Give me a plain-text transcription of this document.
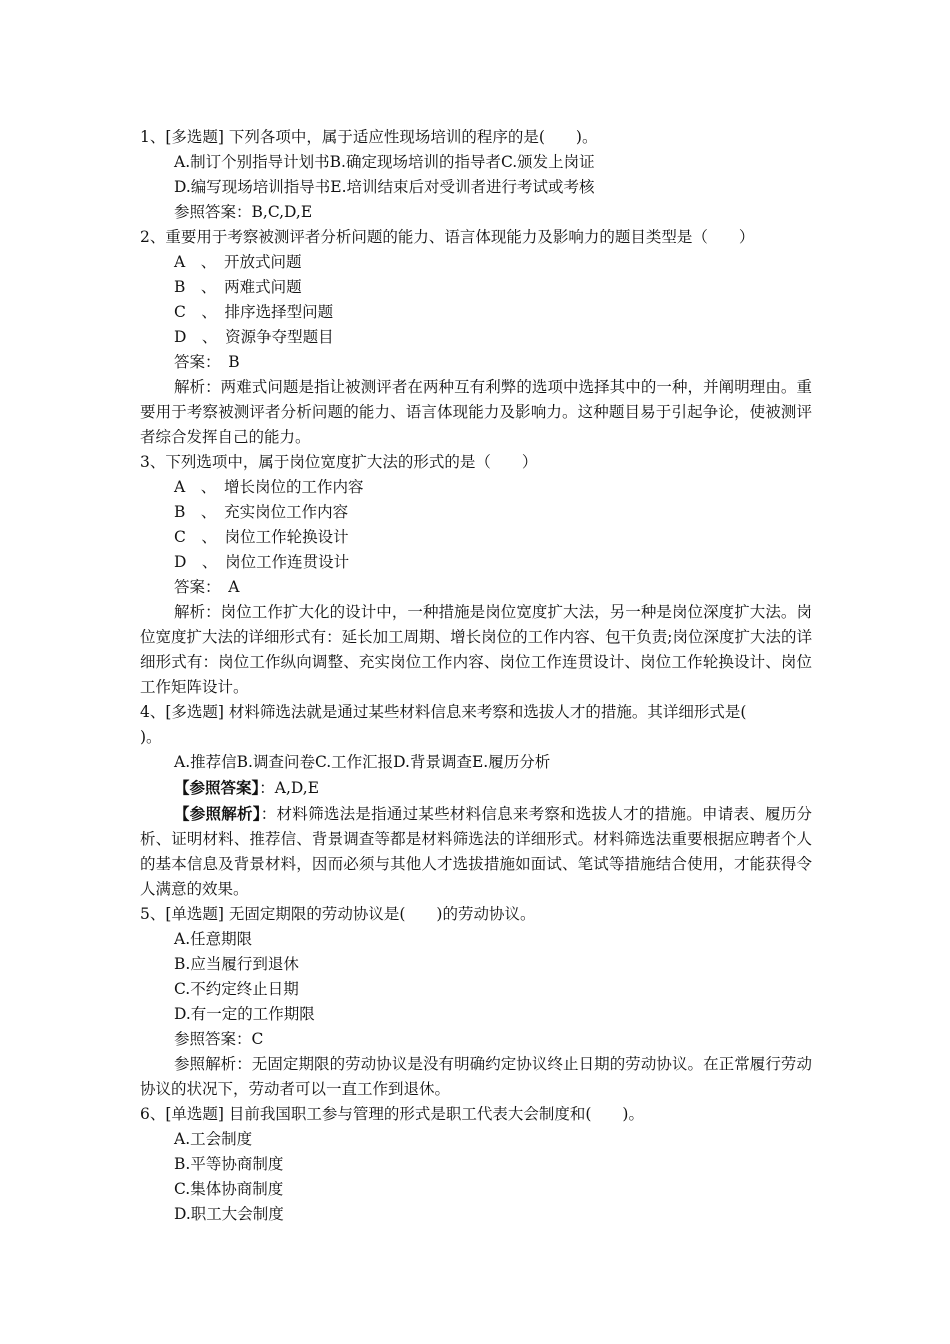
1、[多选题] 下列各项中，属于适应性现场培训的程序的是(　　)。

A.制订个别指导计划书B.确定现场培训的指导者C.颁发上岗证

D.编写现场培训指导书E.培训结束后对受训者进行考试或考核

参照答案：B,C,D,E

2、重要用于考察被测评者分析问题的能力、语言体现能力及影响力的题目类型是（　　）

A　、　开放式问题

B　、　两难式问题

C　、　排序选择型问题

D　、　资源争夺型题目

答案：　B

解析：两难式问题是指让被测评者在两种互有利弊的选项中选择其中的一种，并阐明理由。重要用于考察被测评者分析问题的能力、语言体现能力及影响力。这种题目易于引起争论，使被测评者综合发挥自己的能力。

3、下列选项中，属于岗位宽度扩大法的形式的是（　　）

A　、　增长岗位的工作内容

B　、　充实岗位工作内容

C　、　岗位工作轮换设计

D　、　岗位工作连贯设计

答案：　A

解析：岗位工作扩大化的设计中，一种措施是岗位宽度扩大法，另一种是岗位深度扩大法。岗位宽度扩大法的详细形式有：延长加工周期、增长岗位的工作内容、包干负责;岗位深度扩大法的详细形式有：岗位工作纵向调整、充实岗位工作内容、岗位工作连贯设计、岗位工作轮换设计、岗位工作矩阵设计。

4、[多选题] 材料筛选法就是通过某些材料信息来考察和选拔人才的措施。其详细形式是(

)。

A.推荐信B.调查问卷C.工作汇报D.背景调查E.履历分析

【参照答案】：A,D,E

【参照解析】：材料筛选法是指通过某些材料信息来考察和选拔人才的措施。申请表、履历分析、证明材料、推荐信、背景调查等都是材料筛选法的详细形式。材料筛选法重要根据应聘者个人的基本信息及背景材料，因而必须与其他人才选拔措施如面试、笔试等措施结合使用，才能获得令人满意的效果。

5、[单选题] 无固定期限的劳动协议是(　　)的劳动协议。

A.任意期限

B.应当履行到退休

C.不约定终止日期

D.有一定的工作期限

参照答案：C

参照解析：无固定期限的劳动协议是没有明确约定协议终止日期的劳动协议。在正常履行劳动协议的状况下，劳动者可以一直工作到退休。

6、[单选题] 目前我国职工参与管理的形式是职工代表大会制度和(　　)。

A.工会制度

B.平等协商制度

C.集体协商制度

D.职工大会制度
